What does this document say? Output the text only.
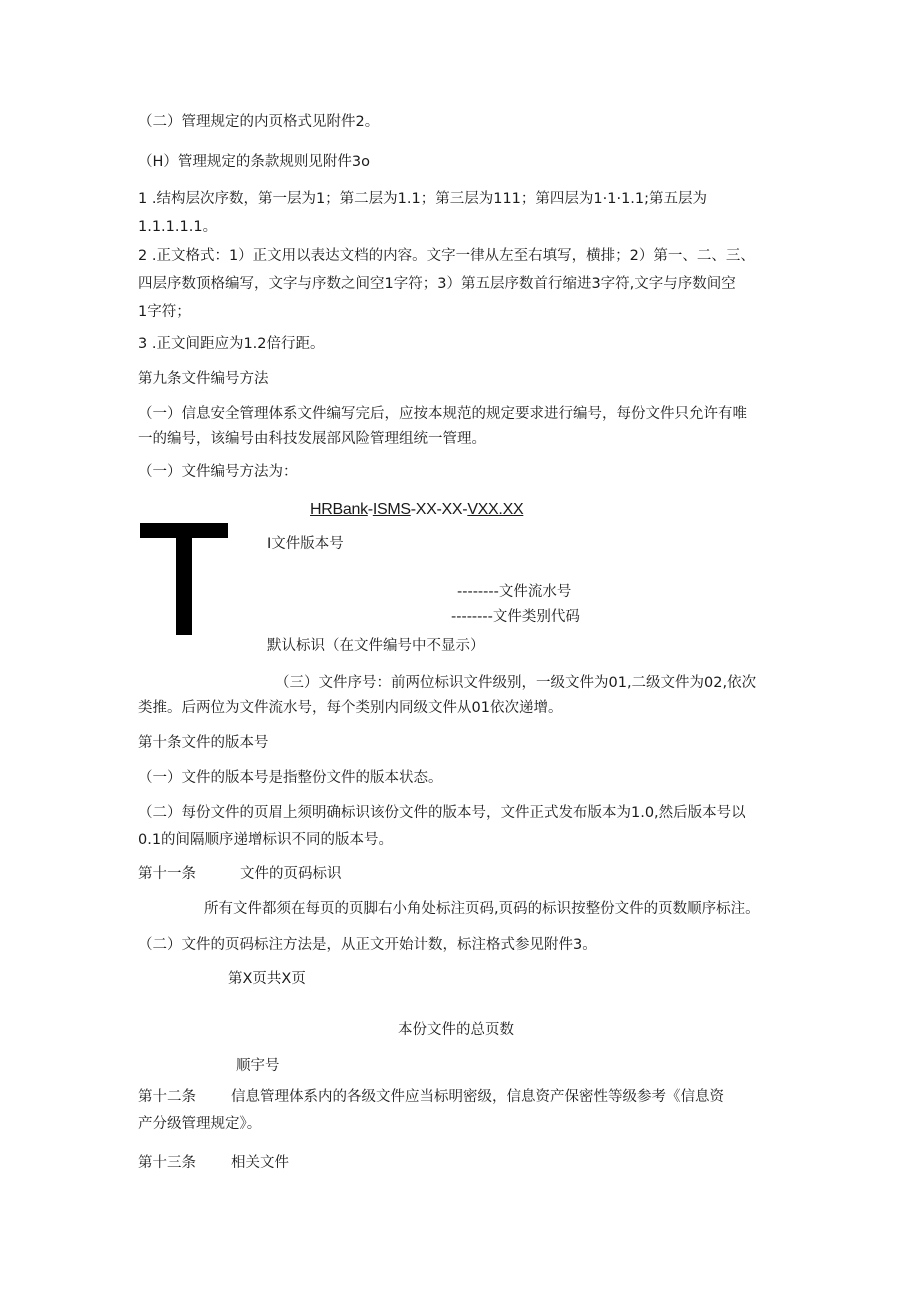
（二）管理规定的内页格式见附件2。
（H）管理规定的条款规则见附件3o
1 .结构层次序数，第一层为1；第二层为1.1；第三层为111；第四层为1·1·1.1;第五层为
1.1.1.1.1。
2 .正文格式：1）正文用以表达文档的内容。文字一律从左至右填写，横排；2）第一、二、三、
四层序数顶格编写，文字与序数之间空1字符；3）第五层序数首行缩进3字符,文字与序数间空
1字符；
3 .正文间距应为1.2倍行距。
第九条文件编号方法
（一）信息安全管理体系文件编写完后，应按本规范的规定要求进行编号，每份文件只允许有唯
一的编号，该编号由科技发展部风险管理组统一管理。
（一）文件编号方法为：
HRBank-ISMS-XX-XX-VXX.XX
I文件版本号
--------文件流水号
--------文件类别代码
默认标识（在文件编号中不显示）
（三）文件序号：前两位标识文件级别，一级文件为01,二级文件为02,依次
类推。后两位为文件流水号，每个类别内同级文件从01依次递增。
第十条文件的版本号
（一）文件的版本号是指整份文件的版本状态。
（二）每份文件的页眉上须明确标识该份文件的版本号，文件正式发布版本为1.0,然后版本号以
0.1的间隔顺序递增标识不同的版本号。
第十一条	文件的页码标识
所有文件都须在每页的页脚右小角处标注页码,页码的标识按整份文件的页数顺序标注。
（二）文件的页码标注方法是，从正文开始计数，标注格式参见附件3。
第X页共X页
本份文件的总页数
顺宇号
第十二条 信息管理体系内的各级文件应当标明密级，信息资产保密性等级参考《信息资
产分级管理规定》。
第十三条 相关文件
